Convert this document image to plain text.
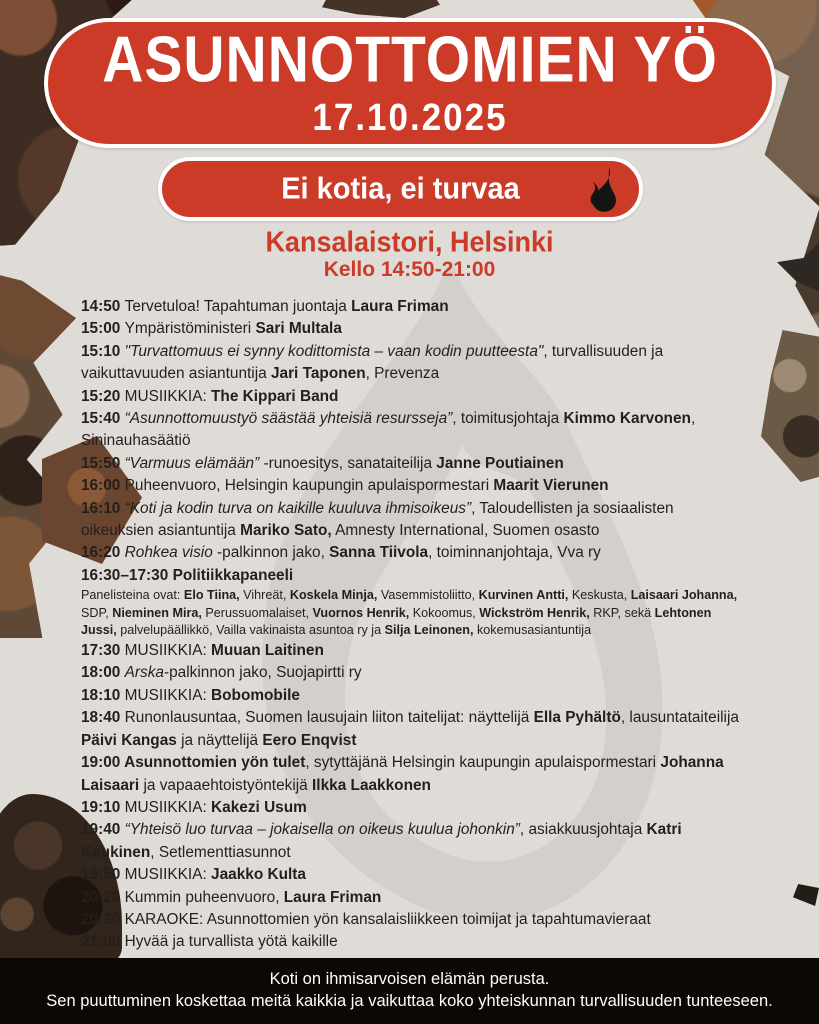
ASUNNOTTOMIEN YÖ
17.10.2025
Ei kotia, ei turvaa
Kansalaistori, Helsinki
Kello 14:50-21:00
14:50 Tervetuloa! Tapahtuman juontaja Laura Friman
15:00 Ympäristöministeri Sari Multala
15:10 "Turvattomuus ei synny kodittomista – vaan kodin puutteesta", turvallisuuden ja vaikuttavuuden asiantuntija Jari Taponen, Prevenza
15:20 MUSIIKKIA: The Kippari Band
15:40 “Asunnottomuustyö säästää yhteisiä resursseja”, toimitusjohtaja Kimmo Karvonen, Sininauhasäätiö
15:50 “Varmuus elämään” -runoesitys, sanataiteilija Janne Poutiainen
16:00 Puheenvuoro, Helsingin kaupungin apulaispormestari Maarit Vierunen
16:10 “Koti ja kodin turva on kaikille kuuluva ihmisoikeus”, Taloudellisten ja sosiaalisten oikeuksien asiantuntija Mariko Sato, Amnesty International, Suomen osasto
16:20 Rohkea visio -palkinnon jako, Sanna Tiivola, toiminnanjohtaja, Vva ry
16:30–17:30 Politiikkapaneeli
Panelisteina ovat: Elo Tiina, Vihreät, Koskela Minja, Vasemmistoliitto, Kurvinen Antti, Keskusta, Laisaari Johanna, SDP, Nieminen Mira, Perussuomalaiset, Vuornos Henrik, Kokoomus, Wickström Henrik, RKP, sekä Lehtonen Jussi, palvelupäällikkö, Vailla vakinaista asuntoa ry ja Silja Leinonen, kokemusasiantuntija
17:30 MUSIIKKIA: Muuan Laitinen
18:00 Arska-palkinnon jako, Suojapirtti ry
18:10 MUSIIKKIA: Bobomobile
18:40 Runonlausuntaa, Suomen lausujain liiton taitelijat: näyttelijä Ella Pyhältö, lausuntataiteilija Päivi Kangas ja näyttelijä Eero Enqvist
19:00 Asunnottomien yön tulet, sytyttäjänä Helsingin kaupungin apulaispormestari Johanna Laisaari ja vapaaehtoistyöntekijä Ilkka Laakkonen
19:10 MUSIIKKIA: Kakezi Usum
19:40 “Yhteisö luo turvaa – jokaisella on oikeus kuulua johonkin”, asiakkuusjohtaja Katri Kaukinen, Setlementtiasunnot
19:50 MUSIIKKIA: Jaakko Kulta
20:20 Kummin puheenvuoro, Laura Friman
20:30 KARAOKE: Asunnottomien yön kansalaisliikkeen toimijat ja tapahtumavieraat
21:00 Hyvää ja turvallista yötä kaikille
Koti on ihmisarvoisen elämän perusta.
Sen puuttuminen koskettaa meitä kaikkia ja vaikuttaa koko yhteiskunnan turvallisuuden tunteeseen.
